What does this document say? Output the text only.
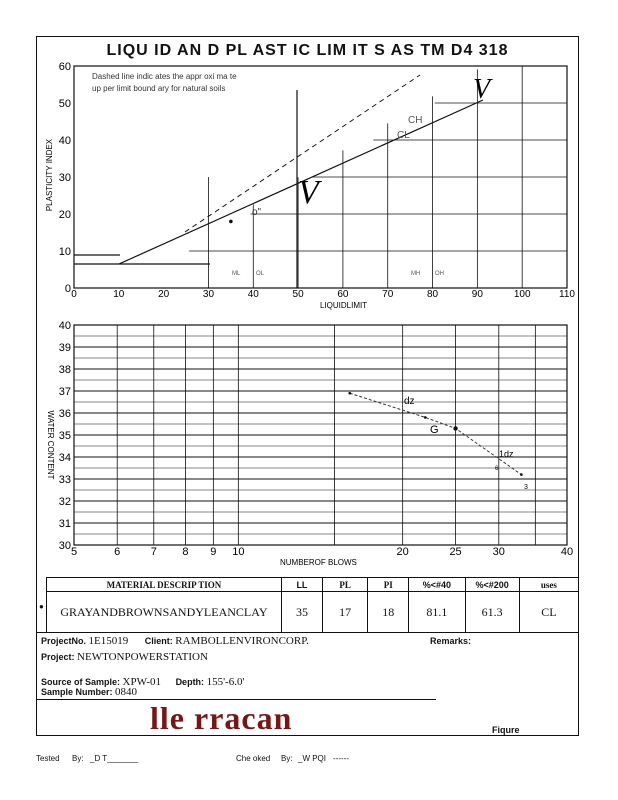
LIQU ID AN D PL AST IC LIM IT S AS TM D4 318
Dashed line indic ates the appr oxi ma te
up per limit bound ary for natural soils
V
V
CL
CH
o"
ML	OL	MH OH
LIQUIDLIMIT
PLASTICITY INDEX
0	10	20	30	40	50	60	70	80	90	100	110
0
10
20
30
40
50
60
5	6	7 8 9 10	20	25	30	40
30
31
32
33
34
35
36
37
38
39
40
NUMBEROF BLOWS
WATER CONTENT
dz
G
1dz
6
3
●
MATERIAL DESCRIP TION	LL	PL	PI	%<#40	%<#200	uses
GRAYANDBROWNSANDYLEANCLAY	35	17	18	81.1	61.3	CL
ProjectNo. 1E15019 Client: RAMBOLLENVIRONCORP.	Remarks:
Project: NEWTONPOWERSTATION
Source of Sample: XPW-01 Depth: 155'-6.0'
Sample Number: 0840
lle rracan	Fiqure
Tested By: _D T_______	Che oked By: _W PQI ------
